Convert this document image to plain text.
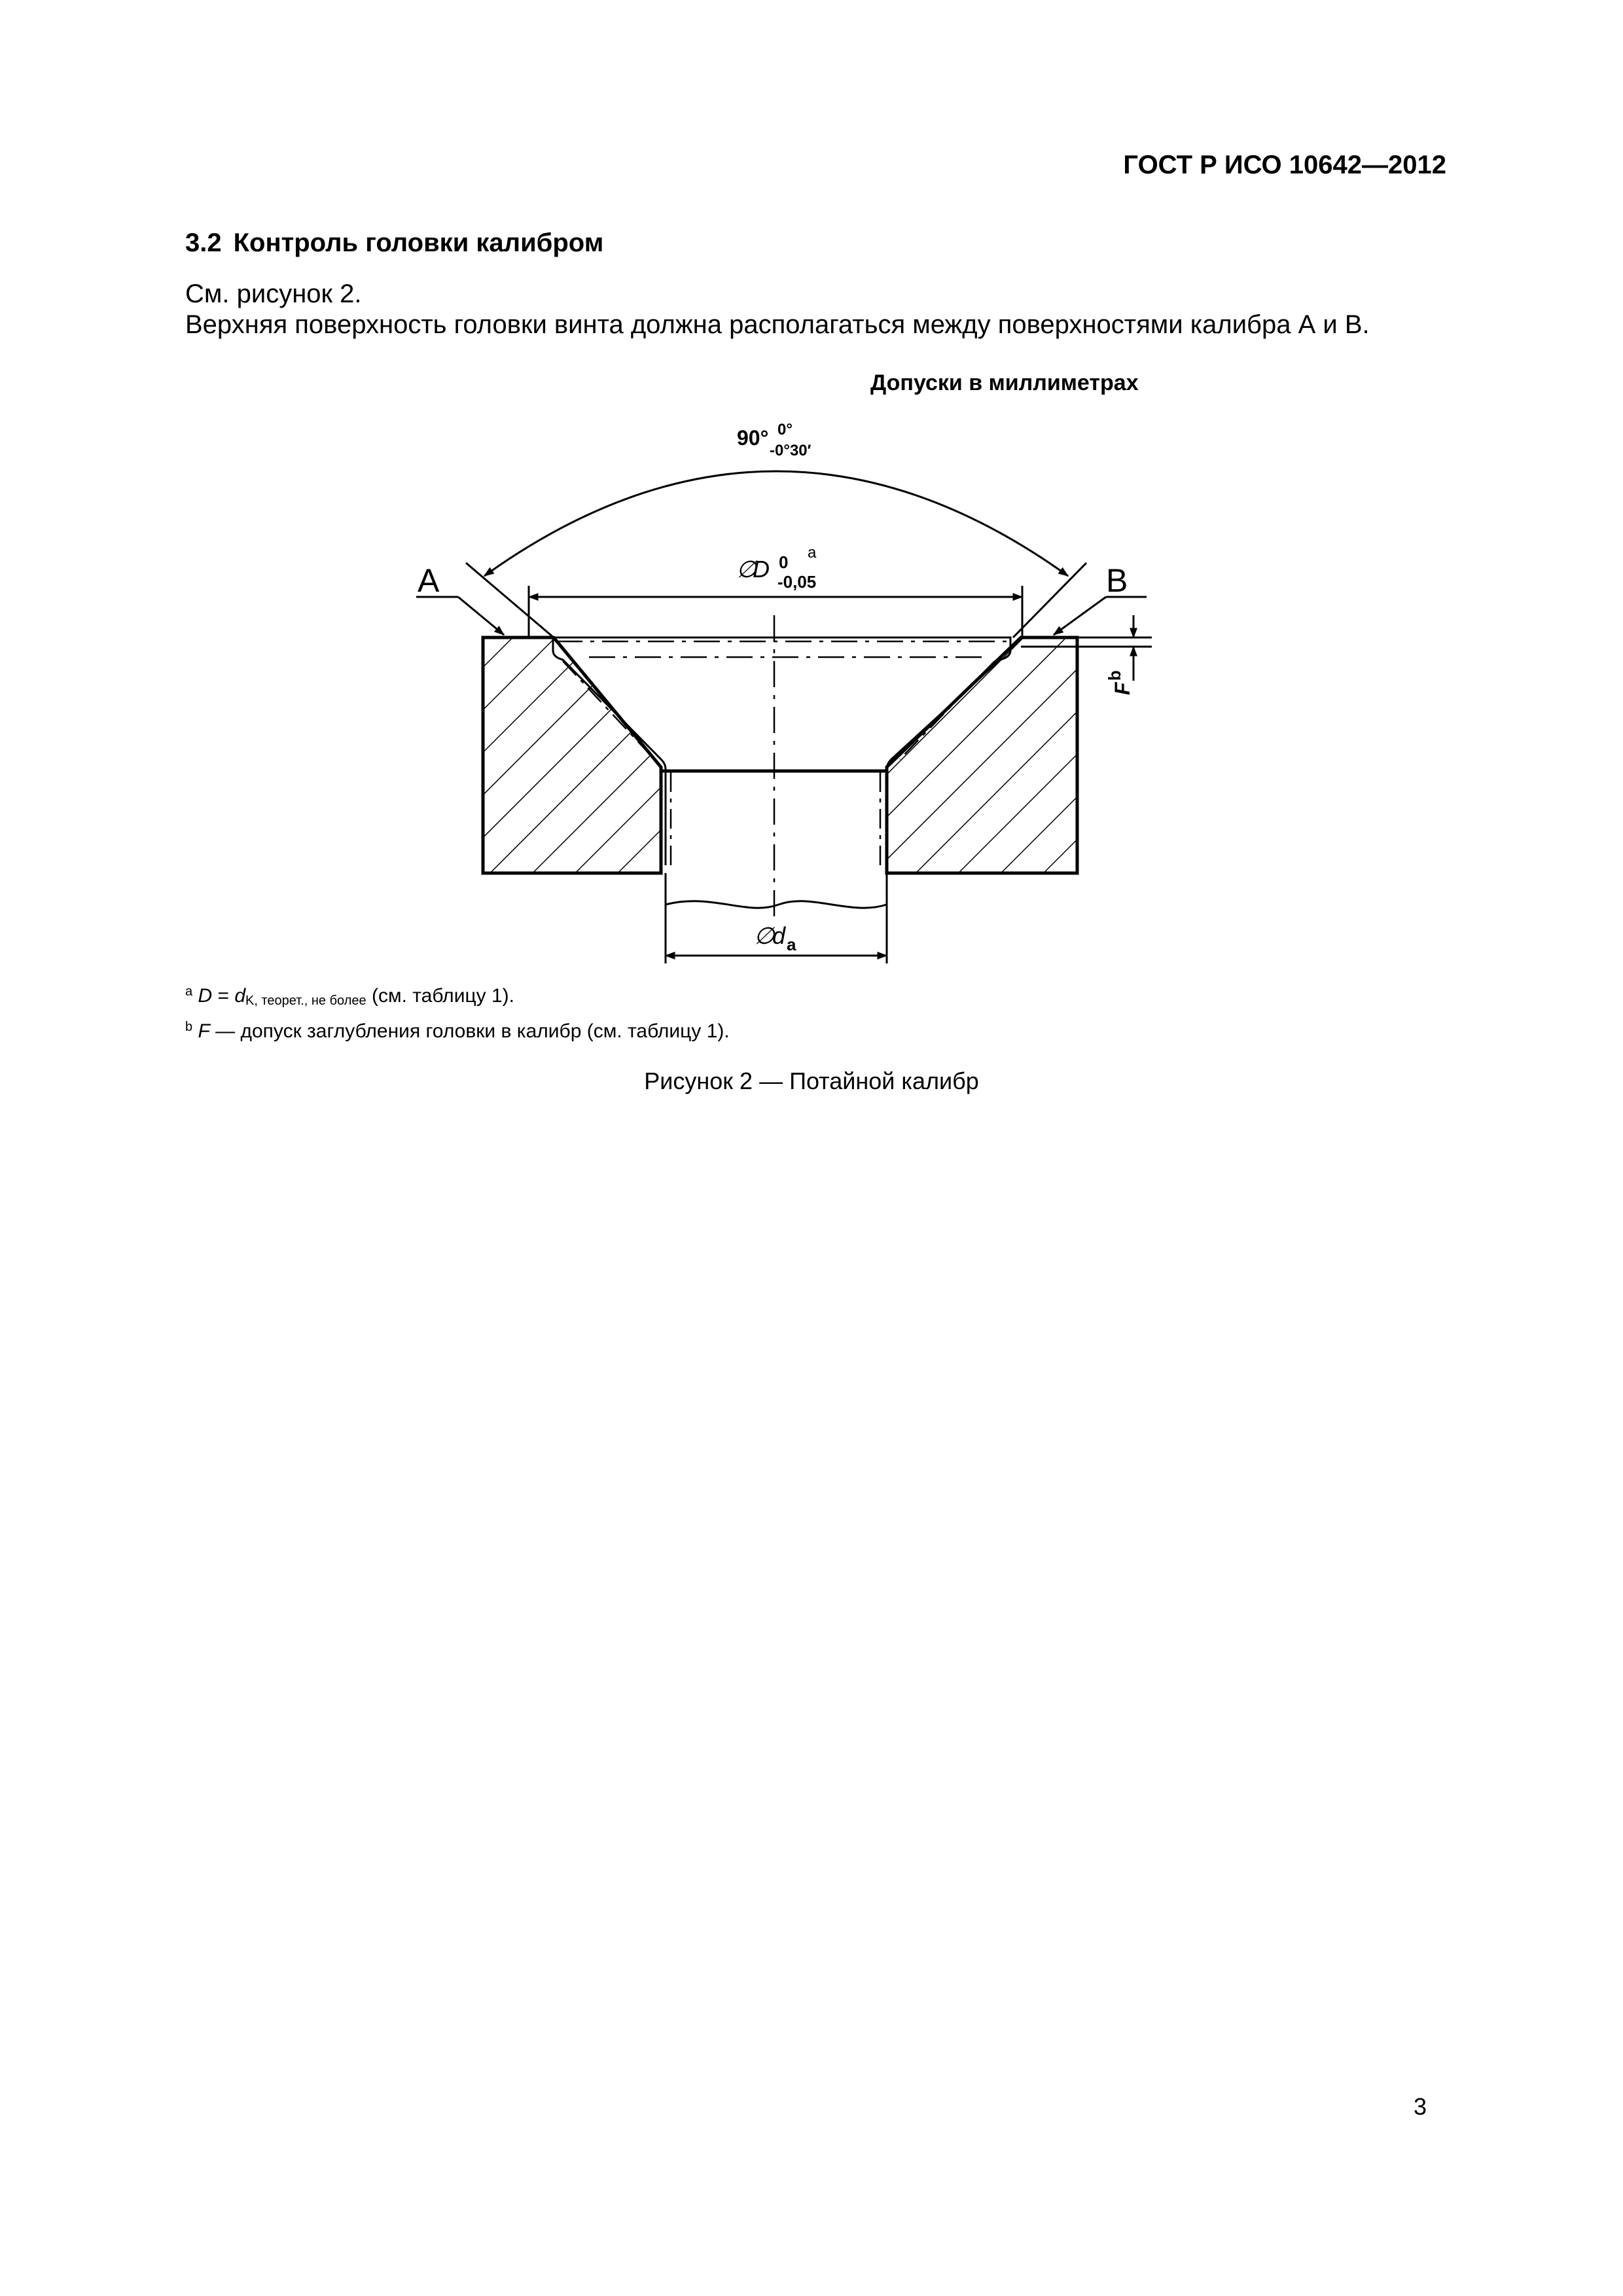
ГОСТ Р ИСО 10642—2012
3.2 Контроль головки калибром
См. рисунок 2.
Верхняя поверхность головки винта должна располагаться между поверхностями калибра А и В.
Допуски в миллиметрах
A	B
90° 0°
-0°30′
∅
D 0
-0,05
a
∅
d a
F
b
$^a$ $D = d_{K, теорет., не более}$ (см. таблицу 1).
$^b$ F — допуск заглубления головки в калибр (см. таблицу 1).
Рисунок 2 — Потайной калибр
3
